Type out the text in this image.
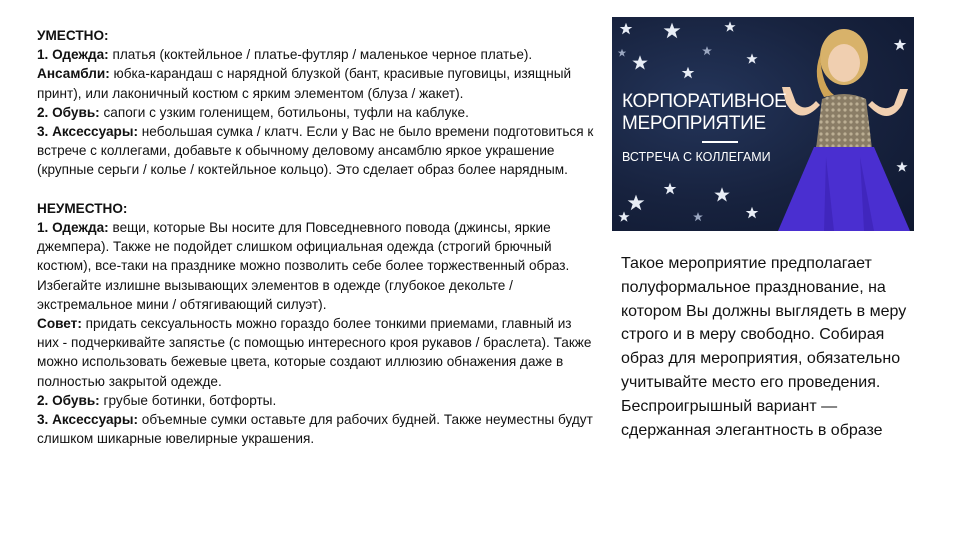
УМЕСТНО:

1. Одежда: платья (коктейльное / платье-футляр / маленькое черное платье).

Ансамбли: юбка-карандаш с нарядной блузкой (бант, красивые пуговицы, изящный принт), или лаконичный костюм с ярким элементом (блуза / жакет).

2. Обувь: сапоги с узким голенищем, ботильоны, туфли на каблуке.

3. Аксессуары: небольшая сумка / клатч. Если у Вас не было времени подготовиться к встрече с коллегами, добавьте к обычному деловому ансамблю яркое украшение (крупные серьги / колье / коктейльное кольцо). Это сделает образ более нарядным.

НЕУМЕСТНО:

1. Одежда: вещи, которые Вы носите для Повседневного повода (джинсы, яркие джемпера). Также не подойдет слишком официальная одежда (строгий брючный костюм), все-таки на празднике можно позволить себе более торжественный образ.

Избегайте излишне вызывающих элементов в одежде (глубокое декольте / экстремальное мини / обтягивающий силуэт).

Совет: придать сексуальность можно гораздо более тонкими приемами, главный из них - подчеркивайте запястье (с помощью интересного кроя рукавов / браслета). Также можно использовать бежевые цвета, которые создают иллюзию обнажения даже в полностью закрытой одежде.

2. Обувь: грубые ботинки, ботфорты.

3. Аксессуары: объемные сумки оставьте для рабочих будней. Также неуместны будут слишком шикарные ювелирные украшения.

КОРПОРАТИВНОЕ

МЕРОПРИЯТИЕ

ВСТРЕЧА С КОЛЛЕГАМИ

Такое мероприятие предполагает полуформальное празднование, на котором Вы должны выглядеть в меру строго и в меру свободно. Собирая образ для мероприятия, обязательно учитывайте место его проведения. Беспроигрышный вариант — сдержанная элегантность в образе
